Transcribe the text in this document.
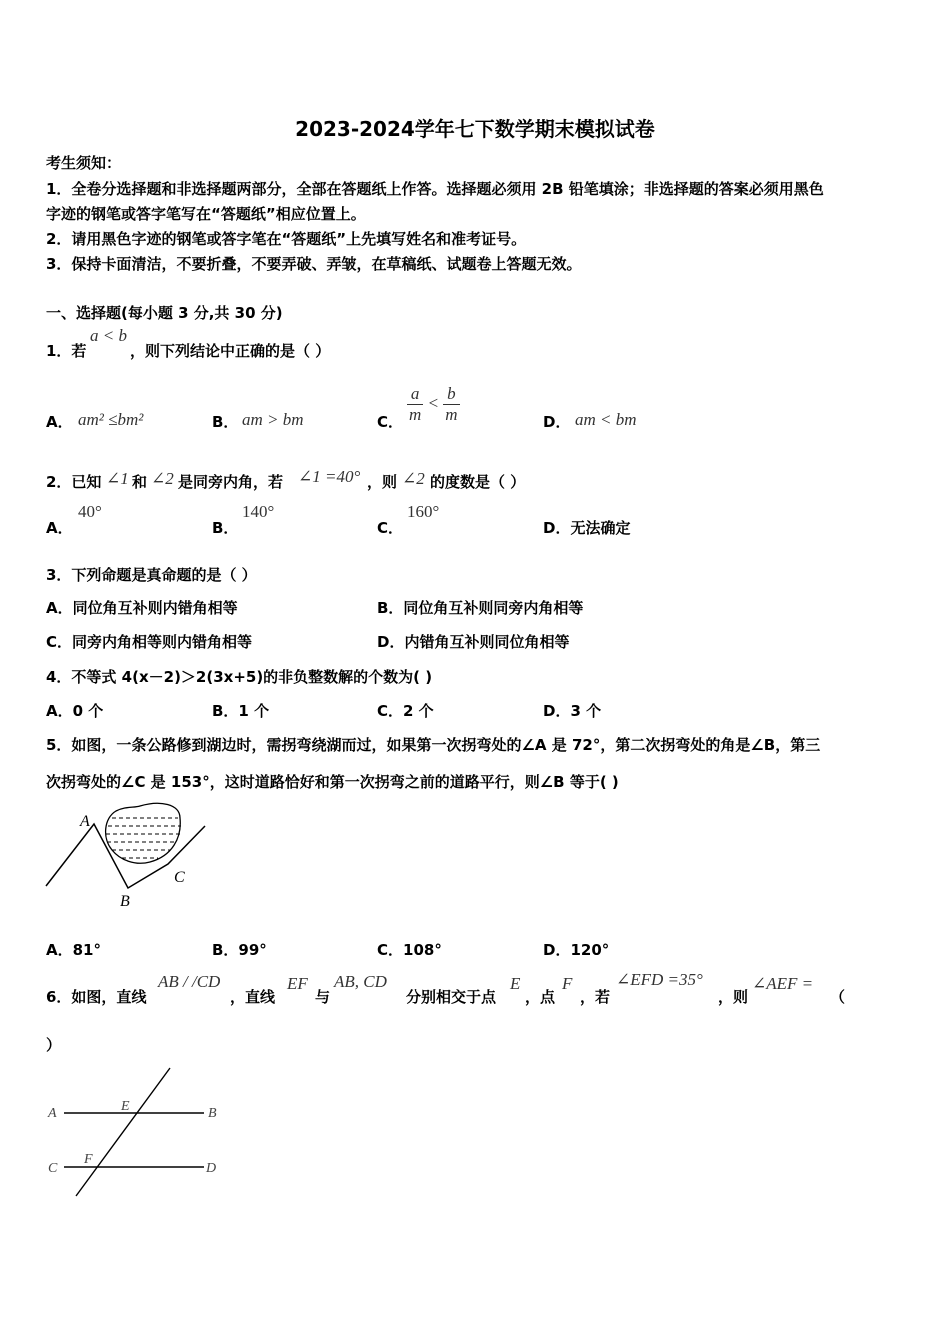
2023-2024学年七下数学期末模拟试卷
考生须知：
1．全卷分选择题和非选择题两部分，全部在答题纸上作答。选择题必须用 2B 铅笔填涂；非选择题的答案必须用黑色
字迹的钢笔或答字笔写在“答题纸”相应位置上。
2．请用黑色字迹的钢笔或答字笔在“答题纸”上先填写姓名和准考证号。
3．保持卡面清洁，不要折叠，不要弄破、弄皱，在草稿纸、试题卷上答题无效。
一、选择题(每小题 3 分,共 30 分)
1．若
a < b
，则下列结论中正确的是（ ）
A． am² ≤bm²	B． am > bm	C． $\frac{a}{m} < \frac{b}{m}$	D． am < bm
2．已知 ∠1 和 ∠2 是同旁内角，若 ∠1 =40° ，则 ∠2 的度数是（ ）
A．
40°
B．
140°
C．
160°
D．无法确定
3．下列命题是真命题的是（ ）
A．同位角互补则内错角相等	B．同位角互补则同旁内角相等
C．同旁内角相等则内错角相等	D．内错角互补则同位角相等
4．不等式 4(x－2)＞2(3x+5)的非负整数解的个数为( )
A．0 个	B．1 个	C．2 个	D．3 个
5．如图，一条公路修到湖边时，需拐弯绕湖而过，如果第一次拐弯处的∠A 是 72°，第二次拐弯处的角是∠B，第三
次拐弯处的∠C 是 153°，这时道路恰好和第一次拐弯之前的道路平行，则∠B 等于( )
A
B
C
A．81°	B．99°	C．108°	D．120°
6．如图，直线
AB / /CD
，直线
EF
与
AB, CD
分别相交于点
E
，点
F
，若
∠EFD =35°
，则
∠AEF =
（
）
A	B
C	D
E
F
